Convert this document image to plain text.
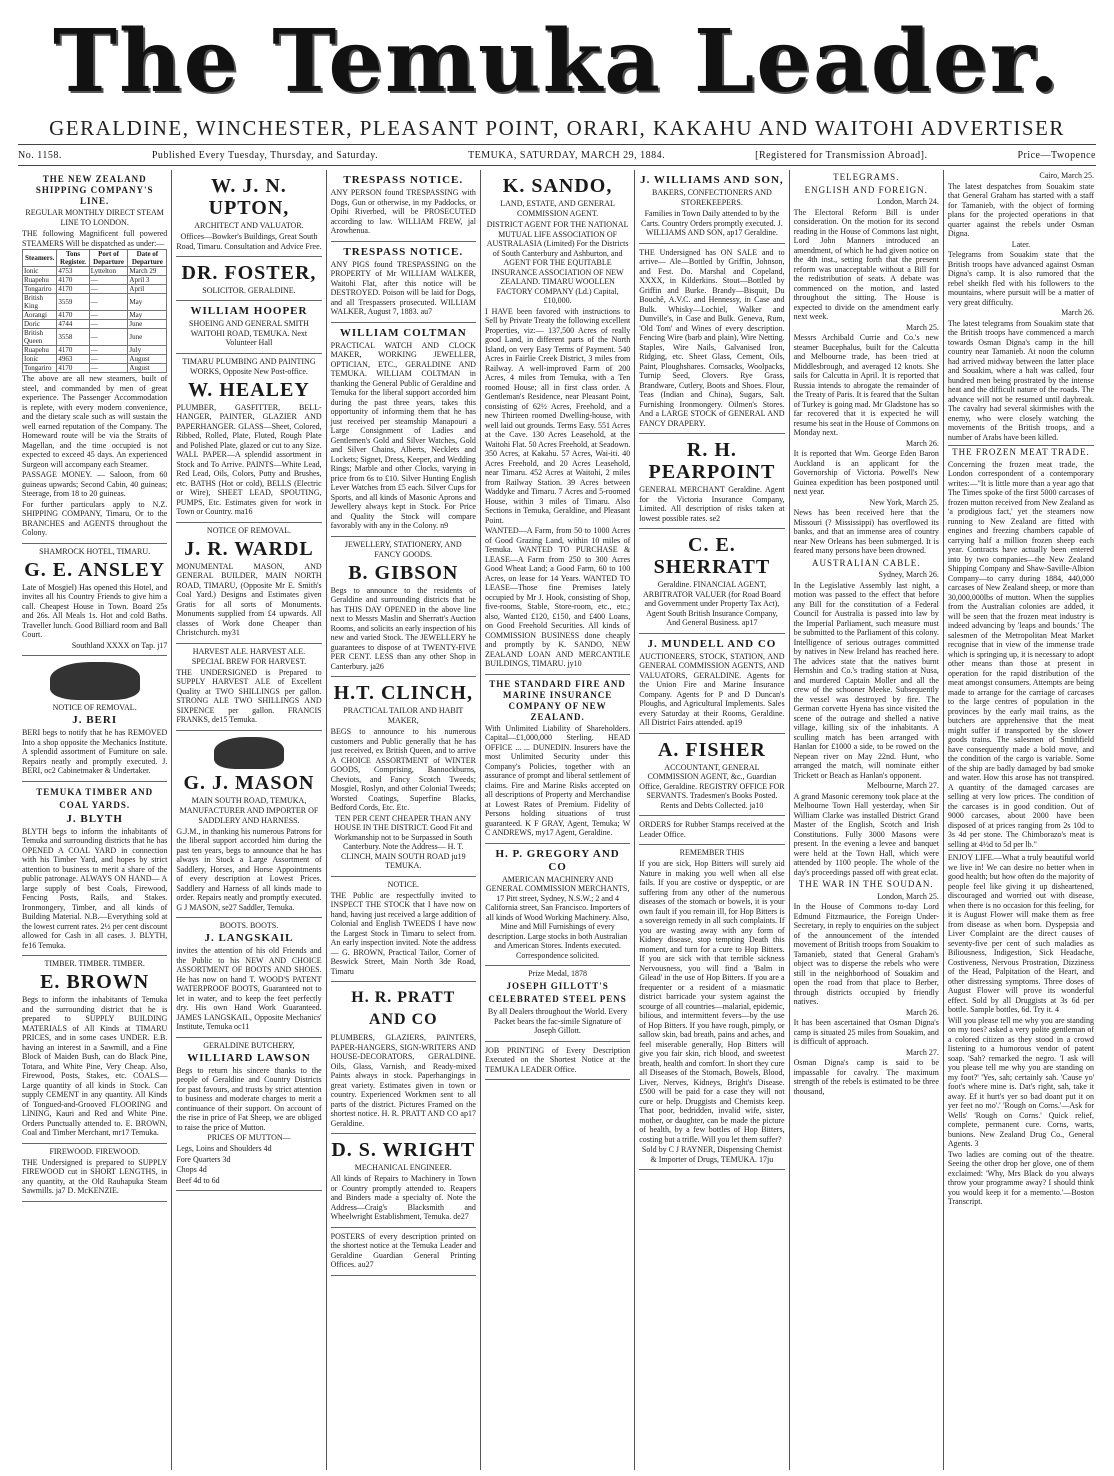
The Temuka Leader.
GERALDINE, WINCHESTER, PLEASANT POINT, ORARI, KAKAHU AND WAITOHI ADVERTISER
No. 1158.	Published Every Tuesday, Thursday, and Saturday.	TEMUKA, SATURDAY, MARCH 29, 1884.	[Registered for Transmission Abroad].	Price—Twopence
THE NEW ZEALAND SHIPPING COMPANY'S LINE.
REGULAR MONTHLY DIRECT STEAM LINE TO LONDON.
THE following Magnificent full powered STEAMERS Will be dispatched as under:—
Steamers.	Tons Register.	Port of Departure	Date of Departure
Ionic	4753	Lyttelton	March 29
Ruapehu	4170	—	April 3
Tongariro	4170	—	April
British King	3559	—	May
Aorangi	4170	—	May
Doric	4744	—	June
British Queen	3558	—	June
Ruapehu	4170	—	July
Ionic	4963	—	August
Tongariro	4170	—	August
The above are all new steamers, built of steel, and commanded by men of great experience. The Passenger Accommodation is replete, with every modern convenience, and the dietary scale such as will sustain the well earned reputation of the Company. The Homeward route will be via the Straits of Magellan, and the time occupied is not expected to exceed 45 days. An experienced Surgeon will accompany each Steamer.
PASSAGE MONEY. — Saloon, from 60 guineas upwards; Second Cabin, 40 guineas; Steerage, from 18 to 20 guineas.
For further particulars apply to N.Z. SHIPPING COMPANY, Timaru, Or to the BRANCHES and AGENTS throughout the Colony.
SHAMROCK HOTEL, TIMARU.
G. E. ANSLEY
Late of Mosgiel) Has opened this Hotel, and invites all his Country Friends to give him a call. Cheapest House in Town. Board 25s and 26s. All Meals 1s. Hot and cold Baths. Traveller lunch. Good Billiard room and Ball Court.
Southland XXXX on Tap. j17
NOTICE OF REMOVAL.
J. BERI
BERI begs to notify that he has REMOVED Into a shop opposite the Mechanics Institute. A splendid assortment of Furniture on sale. Repairs neatly and promptly executed. J. BERI, oc2 Cabinetmaker & Undertaker.
TEMUKA TIMBER AND COAL YARDS.
J. BLYTH
BLYTH begs to inform the inhabitants of Temuka and surrounding districts that he has OPENED A COAL YARD in connection with his Timber Yard, and hopes by strict attention to business to merit a share of the public patronage. ALWAYS ON HAND— A large supply of best Coals, Firewood, Fencing Posts, Rails, and Stakes. Ironmongery, Timber, and all kinds of Building Material. N.B.—Everything sold at the lowest current rates. 2½ per cent discount allowed for Cash in all cases. J. BLYTH, fe16 Temuka.
TIMBER. TIMBER. TIMBER.
E. BROWN
Begs to inform the inhabitants of Temuka and the surrounding district that he is prepared to SUPPLY BUILDING MATERIALS of All Kinds at TIMARU PRICES, and in some cases UNDER. E.B. having an interest in a Sawmill, and a Fine Block of Maiden Bush, can do Black Pine, Totara, and White Pine, Very Cheap. Also, Firewood, Posts, Stakes, etc. COALS—Large quantity of all kinds in Stock. Can supply CEMENT in any quantity. All Kinds of Tongued-and-Grooved FLOORING and LINING, Kauri and Red and White Pine. Orders Punctually attended to. E. BROWN, Coal and Timber Merchant, mr17 Temuka.
FIREWOOD. FIREWOOD.
THE Undersigned is prepared to SUPPLY FIREWOOD cut in SHORT LENGTHS, in any quantity, at the Old Rauhapuka Steam Sawmills. ja7 D. McKENZIE.
W. J. N. UPTON,
ARCHITECT AND VALUATOR.
Offices—Bowker's Buildings, Great South Road, Timaru. Consultation and Advice Free.
DR. FOSTER,
SOLICITOR. GERALDINE.
WILLIAM HOOPER
SHOEING AND GENERAL SMITH WAITOHI ROAD, TEMUKA. Next Volunteer Hall
TIMARU PLUMBING AND PAINTING WORKS, Opposite New Post-office.
W. HEALEY
PLUMBER, GASFITTER, BELL-HANGER, PAINTER, GLAZIER AND PAPERHANGER. GLASS—Sheet, Colored, Ribbed, Rolled, Plate, Fluted, Rough Plate and Polished Plate, glazed or cut to any Size. WALL PAPER—A splendid assortment in Stock and To Arrive. PAINTS—White Lead, Red Lead, Oils, Colors, Putty and Brushes, etc. BATHS (Hot or cold), BELLS (Electric or Wire), SHEET LEAD, SPOUTING, PUMPS, Etc. Estimates given for work in Town or Country. ma16
NOTICE OF REMOVAL.
J. R. WARDL
MONUMENTAL MASON, AND GENERAL BUILDER, MAIN NORTH ROAD, TIMARU, (Opposite Mr E. Smith's Coal Yard.) Designs and Estimates given Gratis for all sorts of Monuments. Monuments supplied from £4 upwards. All classes of Work done Cheaper than Christchurch. my31
HARVEST ALE. HARVEST ALE.
SPECIAL BREW FOR HARVEST.
THE UNDERSIGNED is Prepared to SUPPLY HARVEST ALE of Excellent Quality at TWO SHILLINGS per gallon. STRONG ALE TWO SHILLINGS AND SIXPENCE per gallon. FRANCIS FRANKS, de15 Temuka.
G. J. MASON
MAIN SOUTH ROAD, TEMUKA, MANUFACTURER AND IMPORTER OF SADDLERY AND HARNESS.
G.J.M., in thanking his numerous Patrons for the liberal support accorded him during the past ten years, begs to announce that he has always in Stock a Large Assortment of Saddlery, Horses, and Horse Appointments of every description at Lowest Prices. Saddlery and Harness of all kinds made to order. Repairs neatly and promptly executed. G J MASON, se27 Saddler, Temuka.
BOOTS. BOOTS.
J. LANGSKAIL
invites the attention of his old Friends and the Public to his NEW AND CHOICE ASSORTMENT OF BOOTS AND SHOES. He has now on hand T. WOOD'S PATENT WATERPROOF BOOTS, Guaranteed not to let in water, and to keep the feet perfectly dry. His own Hand Work Guaranteed. JAMES LANGSKAIL, Opposite Mechanics' Institute, Temuka oc11
GERALDINE BUTCHERY,
WILLIARD LAWSON
Begs to return his sincere thanks to the people of Geraldine and Country Districts for past favours, and trusts by strict attention to business and moderate charges to merit a continuance of their support. On account of the rise in price of Fat Sheep, we are obliged to raise the price of Mutton.
PRICES OF MUTTON—
Legs, Loins and Shoulders 4d
Fore Quarters 3d
Chops 4d
Beef 4d to 6d
TRESPASS NOTICE.
ANY PERSON found TRESPASSING with Dogs, Gun or otherwise, in my Paddocks, or Opihi Riverbed, will be PROSECUTED according to law. WILLIAM FREW, jal Arowhenua.
TRESPASS NOTICE.
ANY PIGS found TRESPASSING on the PROPERTY of Mr WILLIAM WALKER, Waitohi Flat, after this notice will be DESTROYED. Poison will be laid for Dogs, and all Trespassers prosecuted. WILLIAM WALKER, August 7, 1883. au7
WILLIAM COLTMAN
PRACTICAL WATCH AND CLOCK MAKER, WORKING JEWELLER, OPTICIAN, ETC., GERALDINE AND TEMUKA. WILLIAM COLTMAN in thanking the General Public of Geraldine and Temuka for the liberal support accorded him during the past three years, takes this opportunity of informing them that he has just received per steamship Manapouri a Large Consignment of Ladies and Gentlemen's Gold and Silver Watches, Gold and Silver Chains, Alberts, Necklets and Lockets; Signet, Dress, Keeper, and Wedding Rings; Marble and other Clocks, varying in price from 6s to £10. Silver Hunting English Lever Watches from £5 each. Silver Cups for Sports, and all kinds of Masonic Aprons and Jewellery always kept in Stock. For Price and Quality the Stock will compare favorably with any in the Colony. n9
JEWELLERY, STATIONERY, AND FANCY GOODS.
B. GIBSON
Begs to announce to the residents of Geraldine and surrounding districts that he has THIS DAY OPENED in the above line next to Messrs Maslin and Sherratt's Auction Rooms, and solicits an early inspection of his new and varied Stock. The JEWELLERY he guarantees to dispose of at TWENTY-FIVE PER CENT. LESS than any other Shop in Canterbury. ja26
H.T. CLINCH,
PRACTICAL TAILOR AND HABIT MAKER,
BEGS to announce to his numerous customers and Public generally that he has just received, ex British Queen, and to arrive A CHOICE ASSORTMENT of WINTER GOODS, Comprising, Bannockburns, Cheviots, and Fancy Scotch Tweeds; Mosgiel, Roslyn, and other Colonial Tweeds; Worsted Coatings, Superfine Blacks, Bedford Cords, Etc. Etc.
TEN PER CENT CHEAPER THAN ANY HOUSE IN THE DISTRICT. Good Fit and Workmanship not to be Surpassed in South Canterbury. Note the Address— H. T. CLINCH, MAIN SOUTH ROAD ju19 TEMUKA.
NOTICE.
THE Public are respectfully invited to INSPECT THE STOCK that I have now on hand, having just received a large addition of Colonial and English TWEEDS I have now the Largest Stock in Timaru to select from. An early inspection invited. Note the address— G. BROWN, Practical Tailor, Corner of Beswick Street, Main North 3de Road, Timaru
H. R. PRATT AND CO
PLUMBERS, GLAZIERS, PAINTERS, PAPER-HANGERS, SIGN-WRITERS AND HOUSE-DECORATORS, GERALDINE. Oils, Glass, Varnish, and Ready-mixed Paints always in stock. Paperhangings in great variety. Estimates given in town or country. Experienced Workmen sent to all parts of the district. Pictures Framed on the shortest notice. H. R. PRATT AND CO ap17 Geraldine.
D. S. WRIGHT
MECHANICAL ENGINEER.
All kinds of Repairs to Machinery in Town or Country promptly attended to. Reapers and Binders made a specialty of. Note the Address—Craig's Blacksmith and Wheelwright Establishment, Temuka. de27
POSTERS of every description printed on the shortest notice at the Temuka Leader and Geraldine Guardian General Printing Offices. au27
K. SANDO,
LAND, ESTATE, AND GENERAL COMMISSION AGENT.
DISTRICT AGENT FOR THE NATIONAL MUTUAL LIFE ASSOCIATION OF AUSTRALASIA (Limited) For the Districts of South Canterbury and Ashburton, and AGENT FOR THE EQUITABLE INSURANCE ASSOCIATION OF NEW ZEALAND. TIMARU WOOLLEN FACTORY COMPANY (Ld.) Capital, £10,000.
I HAVE been favored with instructions to Sell by Private Treaty the following excellent Properties, viz:— 137,500 Acres of really good Land, in different parts of the North Island, on very Easy Terms of Payment. 540 Acres in Fairlie Creek District, 3 miles from Railway. A well-improved Farm of 200 Acres, 4 miles from Temuka, with a Ten roomed House; all in first class order. A Gentleman's Residence, near Pleasant Point, consisting of 62½ Acres, Freehold, and a new Thirteen roomed Dwelling-house, with well laid out grounds. Terms Easy. 551 Acres at the Cave. 130 Acres Leasehold, at the Waitohi Flat. 50 Acres Freehold, at Seadown. 350 Acres, at Kakahu. 57 Acres, Wai-iti. 40 Acres Freehold, and 20 Acres Leasehold, near Timaru. 452 Acres at Waitohi, 2 miles from Railway Station. 39 Acres between Waddyke and Timaru. 7 Acres and 5-roomed House, within 3 miles of Timaru. Also Sections in Temuka, Geraldine, and Pleasant Point.
WANTED—A Farm, from 50 to 1000 Acres of Good Grazing Land, within 10 miles of Temuka. WANTED TO PURCHASE & LEASE—A Farm from 250 to 300 Acres Good Wheat Land; a Good Farm, 60 to 100 Acres, on lease for 14 Years. WANTED TO LEASE—Those fine Premises lately occupied by Mr J. Hook, consisting of Shop, five-rooms, Stable, Store-room, etc., etc.; also, Wanted £120, £150, and £400 Loans, on Good Freehold Securities. All kinds of COMMISSION BUSINESS done cheaply and promptly by K. SANDO, NEW ZEALAND LOAN AND MERCANTILE BUILDINGS, TIMARU. jy10
THE STANDARD FIRE AND MARINE INSURANCE COMPANY OF NEW ZEALAND.
With Unlimited Liability of Shareholders. Capital—£1,000,000 Sterling. HEAD OFFICE ... ... DUNEDIN. Insurers have the most Unlimited Security under this Company's Policies, together with an assurance of prompt and liberal settlement of claims. Fire and Marine Risks accepted on all descriptions of Property and Merchandise at Lowest Rates of Premium. Fidelity of Persons holding situations of trust guaranteed. K F GRAY, Agent, Temuka; W C ANDREWS, my17 Agent, Geraldine.
H. P. GREGORY AND CO
AMERICAN MACHINERY AND GENERAL COMMISSION MERCHANTS, 17 Pitt street, Sydney, N.S.W.; 2 and 4 California street, San Francisco. Importers of all kinds of Wood Working Machinery. Also, Mine and Mill Furnishings of every description. Large stocks in both Australian and American Stores. Indents executed. Correspondence solicited.
Prize Medal, 1878
JOSEPH GILLOTT'S CELEBRATED STEEL PENS
By all Dealers throughout the World. Every Packet bears the fac-simile Signature of Joseph Gillott.
JOB PRINTING of Every Description Executed on the Shortest Notice at the TEMUKA LEADER Office.
J. WILLIAMS AND SON,
BAKERS, CONFECTIONERS AND STOREKEEPERS.
Families in Town Daily attended to by the Carts. Country Orders promptly executed. J. WILLIAMS AND SON, ap17 Geraldine.
THE Undersigned has ON SALE and to arrive— Ale—Bottled by Griffin, Johnson, and Fest. Do. Marshal and Copeland, XXXX, in Kilderkins. Stout—Bottled by Griffin and Burke. Brandy—Bisquit, Du Bouchê, A.V.C. and Hennessy, in Case and Bulk. Whisky—Lochiel, Walker and Dunville's, in Case and Bulk. Geneva, Rum, 'Old Tom' and Wines of every description. Fencing Wire (barb and plain), Wire Netting. Staples, Wire Nails, Galvanised Iron, Ridging, etc. Sheet Glass, Cement, Oils, Paint, Ploughshares. Cornsacks, Woolpacks, Turnip Seed, Clovers. Rye Grass, Brandware, Cutlery, Boots and Shoes. Flour, Teas (Indian and China), Sugars, Salt. Furnishing Ironmongery. Oilmen's Stores. And a LARGE STOCK of GENERAL AND FANCY DRAPERY.
R. H. PEARPOINT
GENERAL MERCHANT Geraldine. Agent for the Victoria Insurance Company, Limited. All description of risks taken at lowest possible rates. se2
C. E. SHERRATT
Geraldine. FINANCIAL AGENT, ARBITRATOR VALUER (for Road Board and Government under Property Tax Act), Agent South British Insurance Company, And General Business. ap17
J. MUNDELL AND CO
AUCTIONEERS, STOCK, STATION, AND GENERAL COMMISSION AGENTS, AND VALUATORS, GERALDINE. Agents for the Union Fire and Marine Insurance Company. Agents for P and D Duncan's Ploughs, and Agricultural Implements. Sales every Saturday at their Rooms, Geraldine. All District Fairs attended. ap19
A. FISHER
ACCOUNTANT, GENERAL COMMISSION AGENT, &c., Guardian Office, Geraldine. REGISTRY OFFICE FOR SERVANTS. Tradesmen's Books Posted. Rents and Debts Collected. ja10
ORDERS for Rubber Stamps received at the Leader Office.
REMEMBER THIS
If you are sick, Hop Bitters will surely aid Nature in making you well when all else fails. If you are costive or dyspeptic, or are suffering from any other of the numerous diseases of the stomach or bowels, it is your own fault if you remain ill, for Hop Bitters is a sovereign remedy in all such complaints. If you are wasting away with any form of Kidney disease, stop tempting Death this moment, and turn for a cure to Hop Bitters. If you are sick with that terrible sickness Nervousness, you will find a 'Balm in Gilead' in the use of Hop Bitters. If you are a frequenter or a resident of a miasmatic district barricade your system against the scourge of all countries—malarial, epidemic, bilious, and intermittent fevers—by the use of Hop Bitters. If you have rough, pimply, or sallow skin, bad breath, pains and aches, and feel miserable generally, Hop Bitters will give you fair skin, rich blood, and sweetest breath, health and comfort. In short they cure all Diseases of the Stomach, Bowels, Blood, Liver, Nerves, Kidneys, Bright's Disease. £500 will be paid for a case they will not cure or help. Druggists and Chemists keep. That poor, bedridden, invalid wife, sister, mother, or daughter, can be made the picture of health, by a few bottles of Hop Bitters, costing but a trifle. Will you let them suffer?
Sold by C J RAYNER, Dispensing Chemist & Importer of Drugs, TEMUKA. 17ju
TELEGRAMS.
ENGLISH AND FOREIGN.
London, March 24.
The Electoral Reform Bill is under consideration. On the motion for its second reading in the House of Commons last night, Lord John Manners introduced an amendment, of which he had given notice on the 4th inst., setting forth that the present reform was unacceptable without a Bill for the redistribution of seats. A debate was commenced on the motion, and lasted throughout the sitting. The House is expected to divide on the amendment early next week.
March 25.
Messrs Archibald Currie and Co.'s new steamer Bucephalus, built for the Calcutta and Melbourne trade, has been tried at Middlesbrough, and averaged 12 knots. She sails for Calcutta in April. It is reported that Russia intends to abrogate the remainder of the Treaty of Paris. It is feared that the Sultan of Turkey is going mad. Mr Gladstone has so far recovered that it is expected he will resume his seat in the House of Commons on Monday next.
March 26.
It is reported that Wm. George Eden Baron Auckland is an applicant for the Governorship of Victoria. Powell's New Guinea expedition has been postponed until next year.
New York, March 25.
News has been received here that the Missouri (? Mississippi) has overflowed its banks, and that an immense area of country near New Orleans has been submerged. It is feared many persons have been drowned.
AUSTRALIAN CABLE.
Sydney, March 26.
In the Legislative Assembly last night, a motion was passed to the effect that before any Bill for the constitution of a Federal Council for Australia is passed into law by the Imperial Parliament, such measure must be submitted to the Parliament of this colony. Intelligence of serious outrages committed by natives in New Ireland has reached here. The advices state that the natives burnt Hernshin and Co.'s trading station at Nusa, and murdered Captain Moller and all the crew of the schooner Meeke. Subsequently the vessel was destroyed by fire. The German corvette Hyena has since visited the scene of the outrage and shelled a native village, killing six of the inhabitants. A sculling match has been arranged with Hanlan for £1000 a side, to be rowed on the Nepean river on May 22nd. Hunt, who arranged the match, will nominate either Trickett or Beach as Hanlan's opponent.
Melbourne, March 27.
A grand Masonic ceremony took place at the Melbourne Town Hall yesterday, when Sir William Clarke was installed District Grand Master of the English, Scotch and Irish Constitutions. Fully 3000 Masons were present. In the evening a levee and banquet were held at the Town Hall, which were attended by 1100 people. The whole of the day's proceedings passed off with great eclat.
THE WAR IN THE SOUDAN.
London, March 25.
In the House of Commons to-day Lord Edmund Fitzmaurice, the Foreign Under-Secretary, in reply to enquiries on the subject of the announcement of the intended movement of British troops from Souakim to Tamanieb, stated that General Graham's object was to disperse the rebels who were still in the neighborhood of Souakim and open the road from that place to Berber, through districts occupied by friendly natives.
March 26.
It has been ascertained that Osman Digna's camp is situated 25 miles from Souakim, and is difficult of approach.
March 27.
Osman Digna's camp is said to be impassable for cavalry. The maximum strength of the rebels is estimated to be three thousand,
Cairo, March 25.
The latest despatches from Souakim state that General Graham has started with a staff for Tamanieb, with the object of forming plans for the projected operations in that quarter against the rebels under Osman Digna.
Later.
Telegrams from Souakim state that the British troops have advanced against Osman Digna's camp. It is also rumored that the rebel sheikh fled with his followers to the mountains, where pursuit will be a matter of very great difficulty.
March 26.
The latest telegrams from Souakim state that the British troops have commenced a march towards Osman Digna's camp in the hill country near Tamanieb. At noon the column had arrived midway between the latter place and Souakim, where a halt was called, four hundred men being prostrated by the intense heat and the difficult nature of the roads. The advance will not be resumed until daybreak. The cavalry had several skirmishes with the enemy, who were closely watching the movements of the British troops, and a number of Arabs have been killed.
THE FROZEN MEAT TRADE.
Concerning the frozen meat trade, the London correspondent of a contemporary writes:—"It is little more than a year ago that The Times spoke of the first 5000 carcases of frozen mutton received from New Zealand as 'a prodigious fact,' yet the steamers now running to New Zealand are fitted with engines and freezing chambers capable of carrying half a million frozen sheep each year. Contracts have actually been entered into by two companies—the New Zealand Shipping Company and Shaw-Saville-Albion Company—to carry during 1884, 440,000 carcases of New Zealand sheep, or more than 30,000,000lbs of mutton. When the supplies from the Australian colonies are added, it will be seen that the frozen meat industry is indeed advancing by 'leaps and bounds.' The salesmen of the Metropolitan Meat Market recognise that in view of the immense trade which is springing up, it is necessary to adopt other means than those at present in operation for the rapid distribution of the meat amongst consumers. Attempts are being made to arrange for the carriage of carcases to the large centres of population in the provinces by the early mail trains, as the butchers are apprehensive that the meat might suffer if transported by the slower goods trains. The salesmen of Smithfield have consequently made a bold move, and the condition of the cargo is variable. Some of the ship are badly damaged by bad smoke and water. How this arose has not transpired. A quantity of the damaged carcases are selling at very low prices. The condition of the carcases is in good condition. Out of 9000 carcases, about 2000 have been disposed of at prices ranging from 2s 10d to 3s 4d per stone. The Chimborazo's meat is selling at 4½d to 5d per lb."
ENJOY LIFE.—What a truly beautiful world we live in! We can desire no better when in good health; but how often do the majority of people feel like giving it up disheartened, discouraged and worried out with disease, when there is no occasion for this feeling, for it is August Flower will make them as free from disease as when born. Dyspepsia and Liver Complaint are the direct causes of seventy-five per cent of such maladies as Biliousness, Indigestion, Sick Headache, Costiveness, Nervous Prostration, Dizziness of the Head, Palpitation of the Heart, and other distressing symptoms. Three doses of August Flower will prove its wonderful effect. Sold by all Druggists at 3s 6d per bottle. Sample bottles, 6d. Try it. 4
Will you please tell me why you are standing on my toes? asked a very polite gentleman of a colored citizen as they stood in a crowd listening to a humorous vendor of patent soap. 'Sah? remarked the negro. 'I ask will you please tell me why you are standing on my foot?' 'Yes, sah; certainly sah. 'Cause yo' foot's where mine is. Dat's right, sah, take it away. Ef it hurt's yer so bad doant put it on yer feet no mo'.' 'Rough on Corns.'—Ask for Wells' 'Rough on Corns.' Quick relief, complete, permanent cure. Corns, warts, bunions. New Zealand Drug Co., General Agents. 3
Two ladies are coming out of the theatre. Seeing the other drop her glove, one of them exclaimed: 'Why, Mrs Black do you always throw your programme away? I should think you would keep it for a memento.'—Boston Transcript.
